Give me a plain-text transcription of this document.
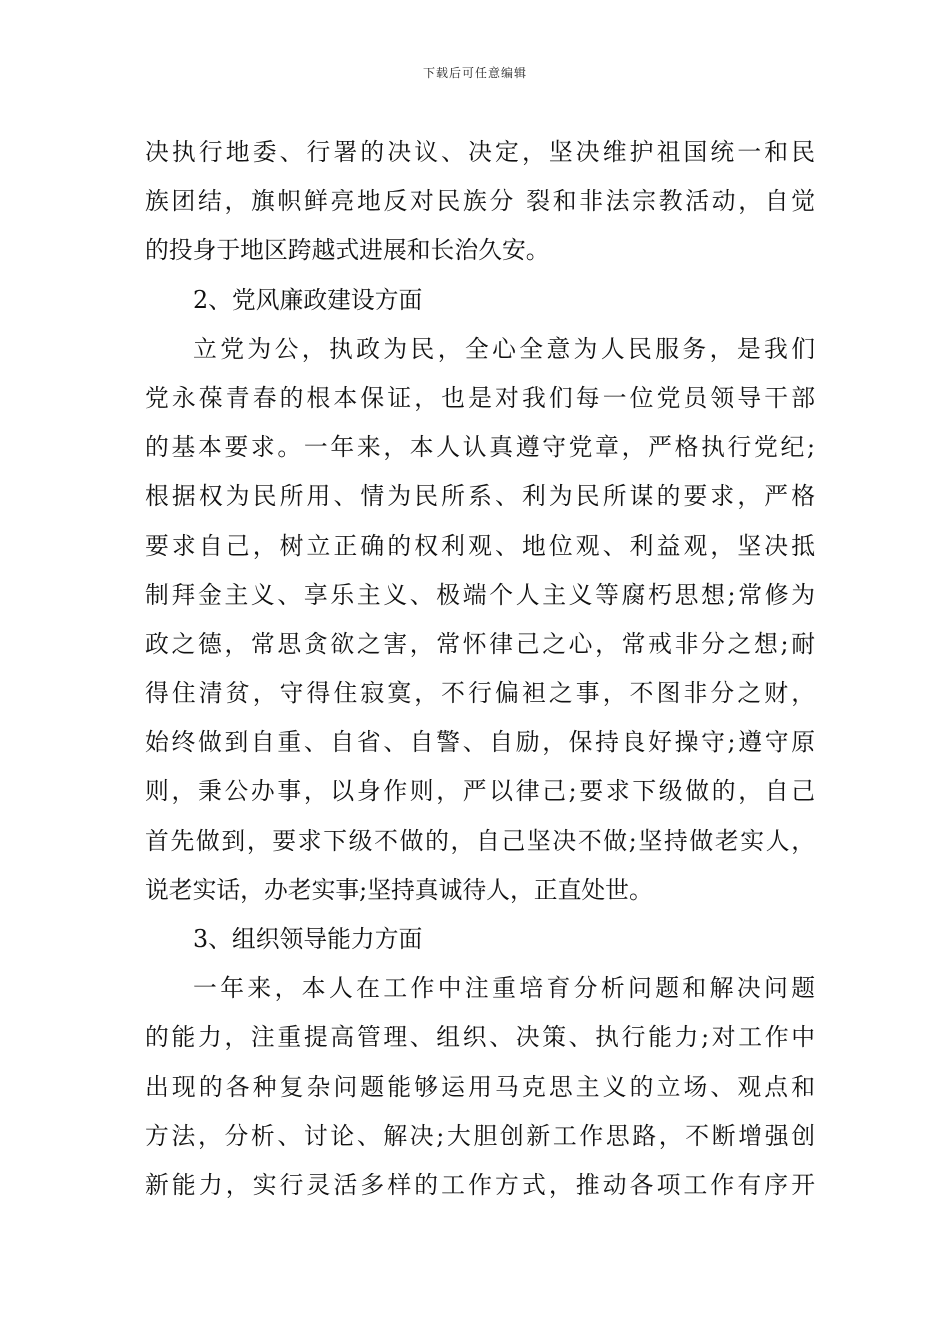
下载后可任意编辑
决执行地委、行署的决议、决定，坚决维护祖国统一和民
族团结，旗帜鲜亮地反对民族分 裂和非法宗教活动，自觉
的投身于地区跨越式进展和长治久安。
2、党风廉政建设方面
立党为公，执政为民，全心全意为人民服务，是我们
党永葆青春的根本保证，也是对我们每一位党员领导干部
的基本要求。一年来，本人认真遵守党章，严格执行党纪;
根据权为民所用、情为民所系、利为民所谋的要求，严格
要求自己，树立正确的权利观、地位观、利益观，坚决抵
制拜金主义、享乐主义、极端个人主义等腐朽思想;常修为
政之德，常思贪欲之害，常怀律己之心，常戒非分之想;耐
得住清贫，守得住寂寞，不行偏袒之事，不图非分之财，
始终做到自重、自省、自警、自励，保持良好操守;遵守原
则，秉公办事，以身作则，严以律己;要求下级做的，自己
首先做到，要求下级不做的，自己坚决不做;坚持做老实人，
说老实话，办老实事;坚持真诚待人，正直处世。
3、组织领导能力方面
一年来，本人在工作中注重培育分析问题和解决问题
的能力，注重提高管理、组织、决策、执行能力;对工作中
出现的各种复杂问题能够运用马克思主义的立场、观点和
方法，分析、讨论、解决;大胆创新工作思路，不断增强创
新能力，实行灵活多样的工作方式，推动各项工作有序开
